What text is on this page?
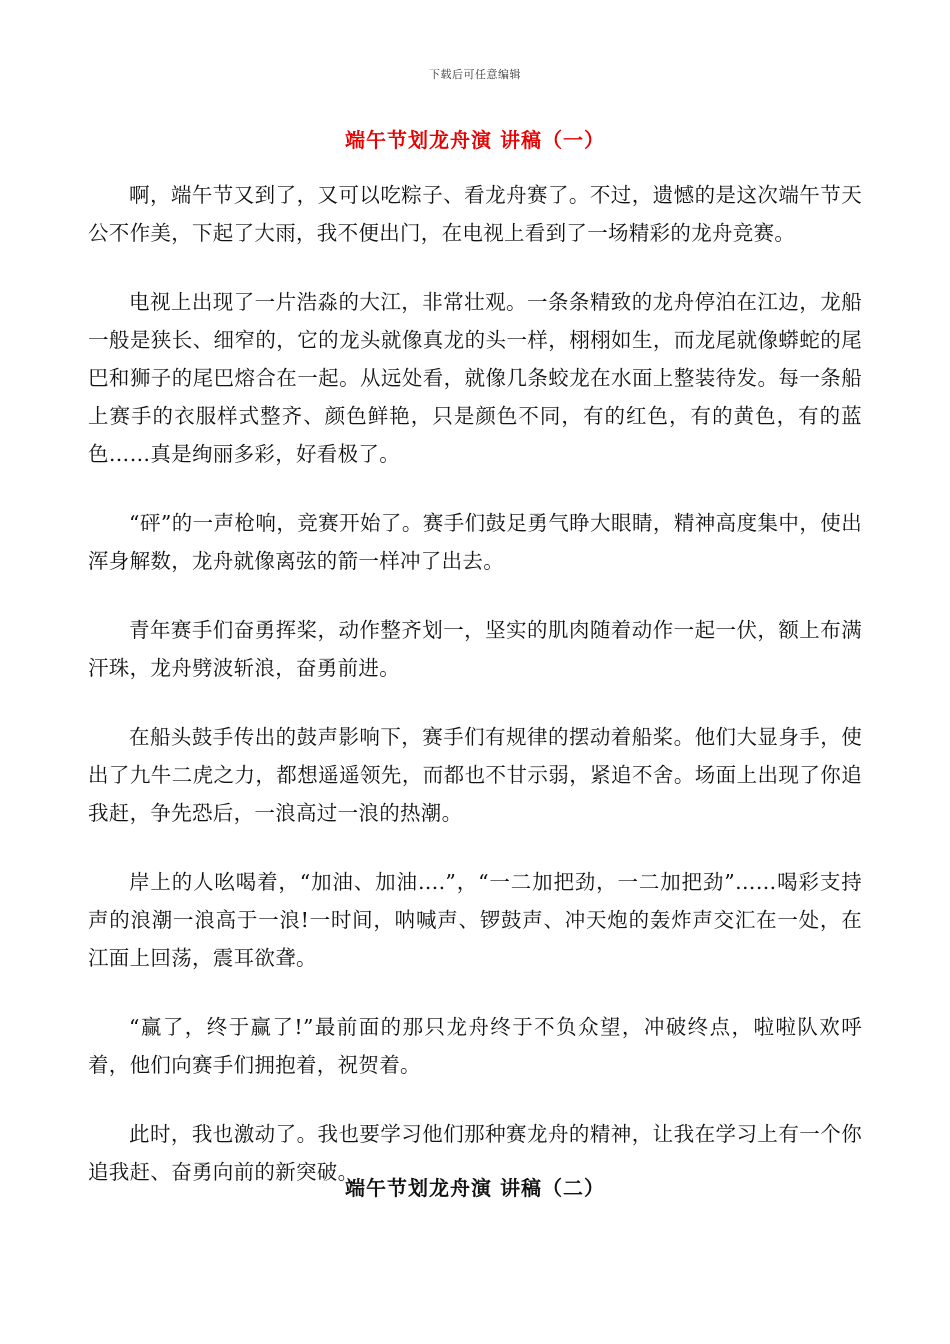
下载后可任意编辑
端午节划龙舟演 讲稿（一）

啊，端午节又到了，又可以吃粽子、看龙舟赛了。不过，遗憾的是这次端午节天公不作美，下起了大雨，我不便出门，在电视上看到了一场精彩的龙舟竞赛。

电视上出现了一片浩淼的大江，非常壮观。一条条精致的龙舟停泊在江边，龙船一般是狭长、细窄的，它的龙头就像真龙的头一样，栩栩如生，而龙尾就像蟒蛇的尾巴和狮子的尾巴熔合在一起。从远处看，就像几条蛟龙在水面上整装待发。每一条船上赛手的衣服样式整齐、颜色鲜艳，只是颜色不同，有的红色，有的黄色，有的蓝色……真是绚丽多彩，好看极了。

“砰”的一声枪响，竞赛开始了。赛手们鼓足勇气睁大眼睛，精神高度集中，使出浑身解数，龙舟就像离弦的箭一样冲了出去。

青年赛手们奋勇挥桨，动作整齐划一，坚实的肌肉随着动作一起一伏，额上布满汗珠，龙舟劈波斩浪，奋勇前进。

在船头鼓手传出的鼓声影响下，赛手们有规律的摆动着船桨。他们大显身手，使出了九牛二虎之力，都想遥遥领先，而都也不甘示弱，紧追不舍。场面上出现了你追我赶，争先恐后，一浪高过一浪的热潮。

岸上的人吆喝着，“加油、加油….”，“一二加把劲，一二加把劲”……喝彩支持声的浪潮一浪高于一浪!一时间，呐喊声、锣鼓声、冲天炮的轰炸声交汇在一处，在江面上回荡，震耳欲聋。

“赢了，终于赢了!”最前面的那只龙舟终于不负众望，冲破终点，啦啦队欢呼着，他们向赛手们拥抱着，祝贺着。

此时，我也激动了。我也要学习他们那种赛龙舟的精神，让我在学习上有一个你追我赶、奋勇向前的新突破。

端午节划龙舟演 讲稿（二）
